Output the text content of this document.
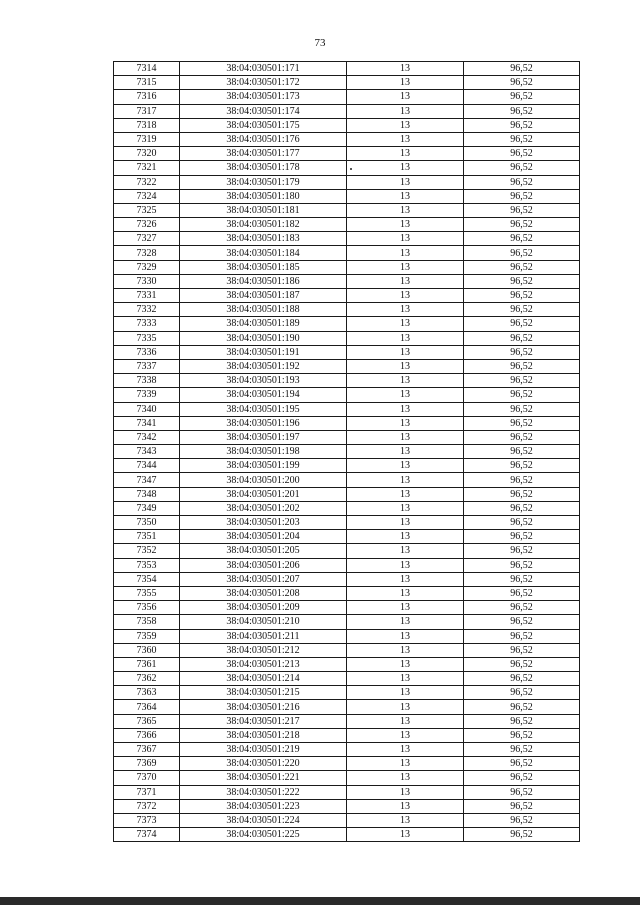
73
7314	38:04:030501:171	13	96,52
7315	38:04:030501:172	13	96,52
7316	38:04:030501:173	13	96,52
7317	38:04:030501:174	13	96,52
7318	38:04:030501:175	13	96,52
7319	38:04:030501:176	13	96,52
7320	38:04:030501:177	13	96,52
7321	38:04:030501:178	13	96,52
7322	38:04:030501:179	13	96,52
7324	38:04:030501:180	13	96,52
7325	38:04:030501:181	13	96,52
7326	38:04:030501:182	13	96,52
7327	38:04:030501:183	13	96,52
7328	38:04:030501:184	13	96,52
7329	38:04:030501:185	13	96,52
7330	38:04:030501:186	13	96,52
7331	38:04:030501:187	13	96,52
7332	38:04:030501:188	13	96,52
7333	38:04:030501:189	13	96,52
7335	38:04:030501:190	13	96,52
7336	38:04:030501:191	13	96,52
7337	38:04:030501:192	13	96,52
7338	38:04:030501:193	13	96,52
7339	38:04:030501:194	13	96,52
7340	38:04:030501:195	13	96,52
7341	38:04:030501:196	13	96,52
7342	38:04:030501:197	13	96,52
7343	38:04:030501:198	13	96,52
7344	38:04:030501:199	13	96,52
7347	38:04:030501:200	13	96,52
7348	38:04:030501:201	13	96,52
7349	38:04:030501:202	13	96,52
7350	38:04:030501:203	13	96,52
7351	38:04:030501:204	13	96,52
7352	38:04:030501:205	13	96,52
7353	38:04:030501:206	13	96,52
7354	38:04:030501:207	13	96,52
7355	38:04:030501:208	13	96,52
7356	38:04:030501:209	13	96,52
7358	38:04:030501:210	13	96,52
7359	38:04:030501:211	13	96,52
7360	38:04:030501:212	13	96,52
7361	38:04:030501:213	13	96,52
7362	38:04:030501:214	13	96,52
7363	38:04:030501:215	13	96,52
7364	38:04:030501:216	13	96,52
7365	38:04:030501:217	13	96,52
7366	38:04:030501:218	13	96,52
7367	38:04:030501:219	13	96,52
7369	38:04:030501:220	13	96,52
7370	38:04:030501:221	13	96,52
7371	38:04:030501:222	13	96,52
7372	38:04:030501:223	13	96,52
7373	38:04:030501:224	13	96,52
7374	38:04:030501:225	13	96,52
